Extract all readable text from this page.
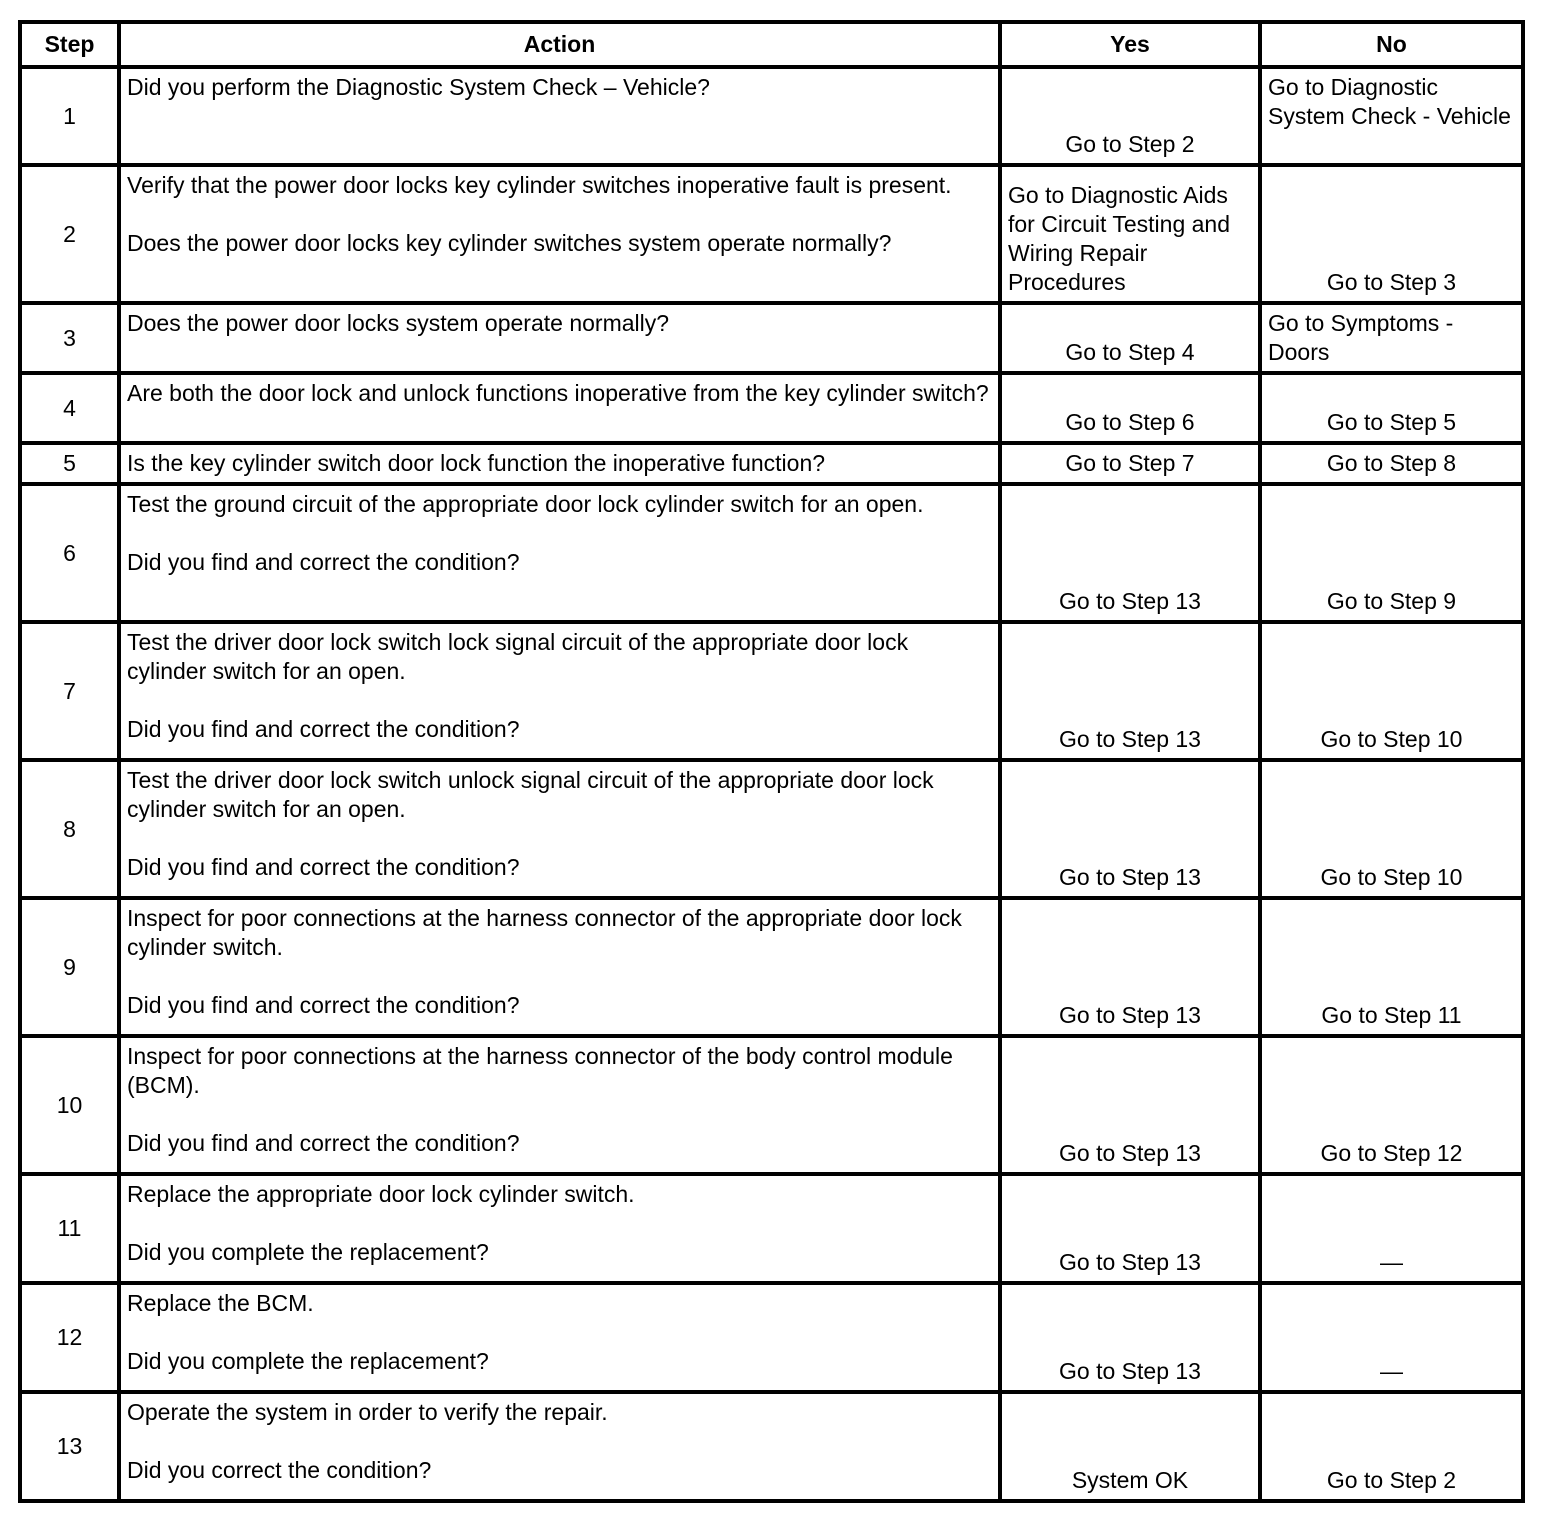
Step	Action	Yes	No
1	Did you perform the Diagnostic System Check – Vehicle?	Go to Step 2	Go to Diagnostic System Check - Vehicle
2	Verify that the power door locks key cylinder switches inoperative fault is present.
Does the power door locks key cylinder switches system operate normally?	Go to Diagnostic Aids for Circuit Testing and Wiring Repair Procedures	Go to Step 3
3	Does the power door locks system operate normally?	Go to Step 4	Go to Symptoms - Doors
4	Are both the door lock and unlock functions inoperative from the key cylinder switch?	Go to Step 6	Go to Step 5
5	Is the key cylinder switch door lock function the inoperative function?	Go to Step 7	Go to Step 8
6	Test the ground circuit of the appropriate door lock cylinder switch for an open.
Did you find and correct the condition?	Go to Step 13	Go to Step 9
7	Test the driver door lock switch lock signal circuit of the appropriate door lock cylinder switch for an open.
Did you find and correct the condition?	Go to Step 13	Go to Step 10
8	Test the driver door lock switch unlock signal circuit of the appropriate door lock cylinder switch for an open.
Did you find and correct the condition?	Go to Step 13	Go to Step 10
9	Inspect for poor connections at the harness connector of the appropriate door lock cylinder switch.
Did you find and correct the condition?	Go to Step 13	Go to Step 11
10	Inspect for poor connections at the harness connector of the body control module (BCM).
Did you find and correct the condition?	Go to Step 13	Go to Step 12
11	Replace the appropriate door lock cylinder switch.
Did you complete the replacement?	Go to Step 13	—
12	Replace the BCM.
Did you complete the replacement?	Go to Step 13	—
13	Operate the system in order to verify the repair.
Did you correct the condition?	System OK	Go to Step 2
